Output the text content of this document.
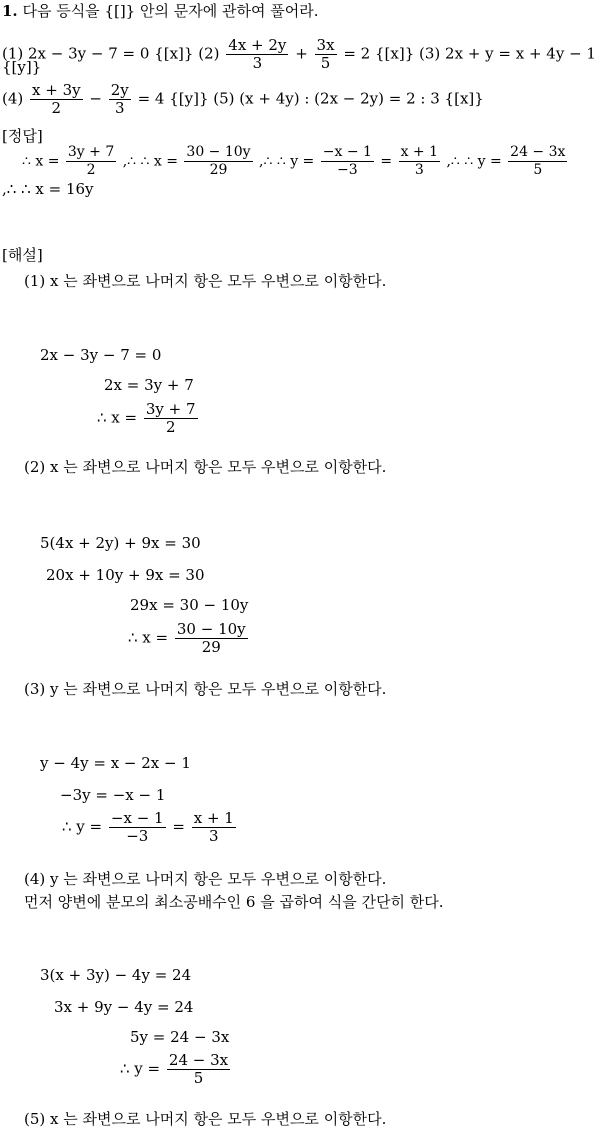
1. 다음 등식을 {[]} 안의 문자에 관하여 풀어라.
(1) 2x − 3y − 7 = 0 {[x]} $(2) \frac{4x + 2y}{3} + \frac{3x}{5} = 2$ {[x]} (3) 2x + y = x + 4y − 1
{[y]}
$(4) \frac{x + 3y}{2} - \frac{2y}{3} = 4$ {[y]} (5) (x + 4y) : (2x − 2y) = 2 : 3 {[x]}
[정답]
∴ $x = \frac{3y + 7}{2}$ ,∴ ∴ $x = \frac{30 - 10y}{29}$ ,∴ ∴ $y = \frac{-x - 1}{-3} = \frac{x + 1}{3}$ ,∴ ∴ $y = \frac{24 - 3x}{5}$
,∴ ∴ x = 16y
[해설]
(1) x 는 좌변으로 나머지 항은 모두 우변으로 이항한다.
2x − 3y − 7 = 0
2x = 3y + 7
∴ $x = \frac{3y + 7}{2}$
(2) x 는 좌변으로 나머지 항은 모두 우변으로 이항한다.
5(4x + 2y) + 9x = 30
20x + 10y + 9x = 30
29x = 30 − 10y
∴ $x = \frac{30 - 10y}{29}$
(3) y 는 좌변으로 나머지 항은 모두 우변으로 이항한다.
y − 4y = x − 2x − 1
−3y = −x − 1
∴ $y = \frac{-x - 1}{-3} = \frac{x + 1}{3}$
(4) y 는 좌변으로 나머지 항은 모두 우변으로 이항한다.
먼저 양변에 분모의 최소공배수인 6 을 곱하여 식을 간단히 한다.
3(x + 3y) − 4y = 24
3x + 9y − 4y = 24
5y = 24 − 3x
∴ $y = \frac{24 - 3x}{5}$
(5) x 는 좌변으로 나머지 항은 모두 우변으로 이항한다.
